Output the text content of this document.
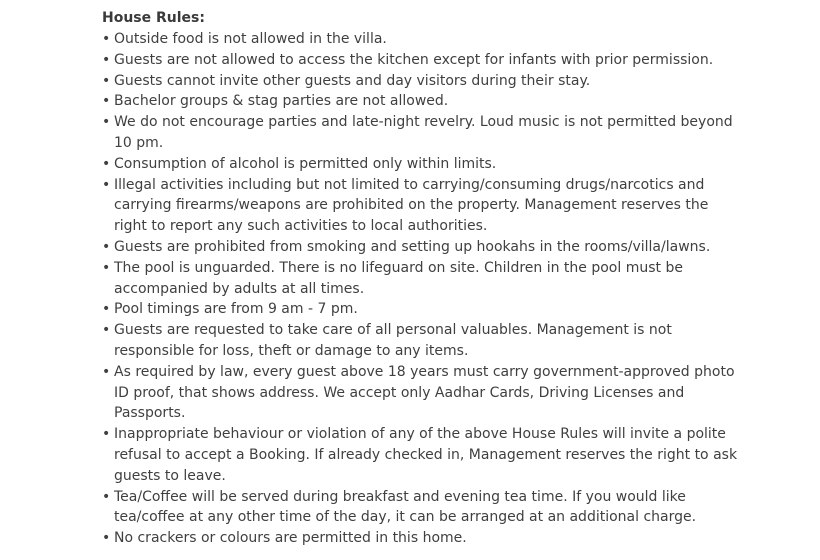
House Rules:
• Outside food is not allowed in the villa.
• Guests are not allowed to access the kitchen except for infants with prior permission.
• Guests cannot invite other guests and day visitors during their stay.
• Bachelor groups & stag parties are not allowed.
• We do not encourage parties and late-night revelry. Loud music is not permitted beyond 10 pm.
• Consumption of alcohol is permitted only within limits.
• Illegal activities including but not limited to carrying/consuming drugs/narcotics and carrying firearms/weapons are prohibited on the property. Management reserves the right to report any such activities to local authorities.
• Guests are prohibited from smoking and setting up hookahs in the rooms/villa/lawns.
• The pool is unguarded. There is no lifeguard on site. Children in the pool must be accompanied by adults at all times.
• Pool timings are from 9 am - 7 pm.
• Guests are requested to take care of all personal valuables. Management is not responsible for loss, theft or damage to any items.
• As required by law, every guest above 18 years must carry government-approved photo ID proof, that shows address. We accept only Aadhar Cards, Driving Licenses and Passports.
• Inappropriate behaviour or violation of any of the above House Rules will invite a polite refusal to accept a Booking. If already checked in, Management reserves the right to ask guests to leave.
• Tea/Coffee will be served during breakfast and evening tea time. If you would like tea/coffee at any other time of the day, it can be arranged at an additional charge.
• No crackers or colours are permitted in this home.
